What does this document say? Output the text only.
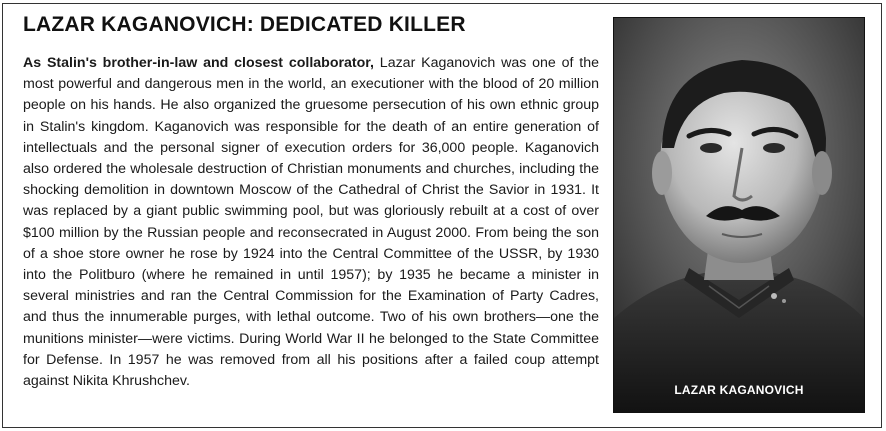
LAZAR KAGANOVICH: DEDICATED KILLER

As Stalin's brother-in-law and closest collaborator, Lazar Kaganovich was one of the most powerful and dangerous men in the world, an executioner with the blood of 20 million people on his hands. He also organized the gruesome persecution of his own ethnic group in Stalin's kingdom. Kaganovich was responsible for the death of an entire generation of intellectuals and the personal signer of execution orders for 36,000 people. Kaganovich also ordered the wholesale destruction of Christian monuments and churches, including the shocking demolition in downtown Moscow of the Cathedral of Christ the Savior in 1931. It was replaced by a giant public swimming pool, but was gloriously rebuilt at a cost of over $100 million by the Russian people and reconsecrated in August 2000. From being the son of a shoe store owner he rose by 1924 into the Central Committee of the USSR, by 1930 into the Politburo (where he remained in until 1957); by 1935 he became a minister in several ministries and ran the Central Commission for the Examination of Party Cadres, and thus the innumerable purges, with lethal outcome. Two of his own brothers—one the munitions minister—were victims. During World War II he belonged to the State Committee for Defense. In 1957 he was removed from all his positions after a failed coup attempt against Nikita Khrushchev.

LAZAR KAGANOVICH
